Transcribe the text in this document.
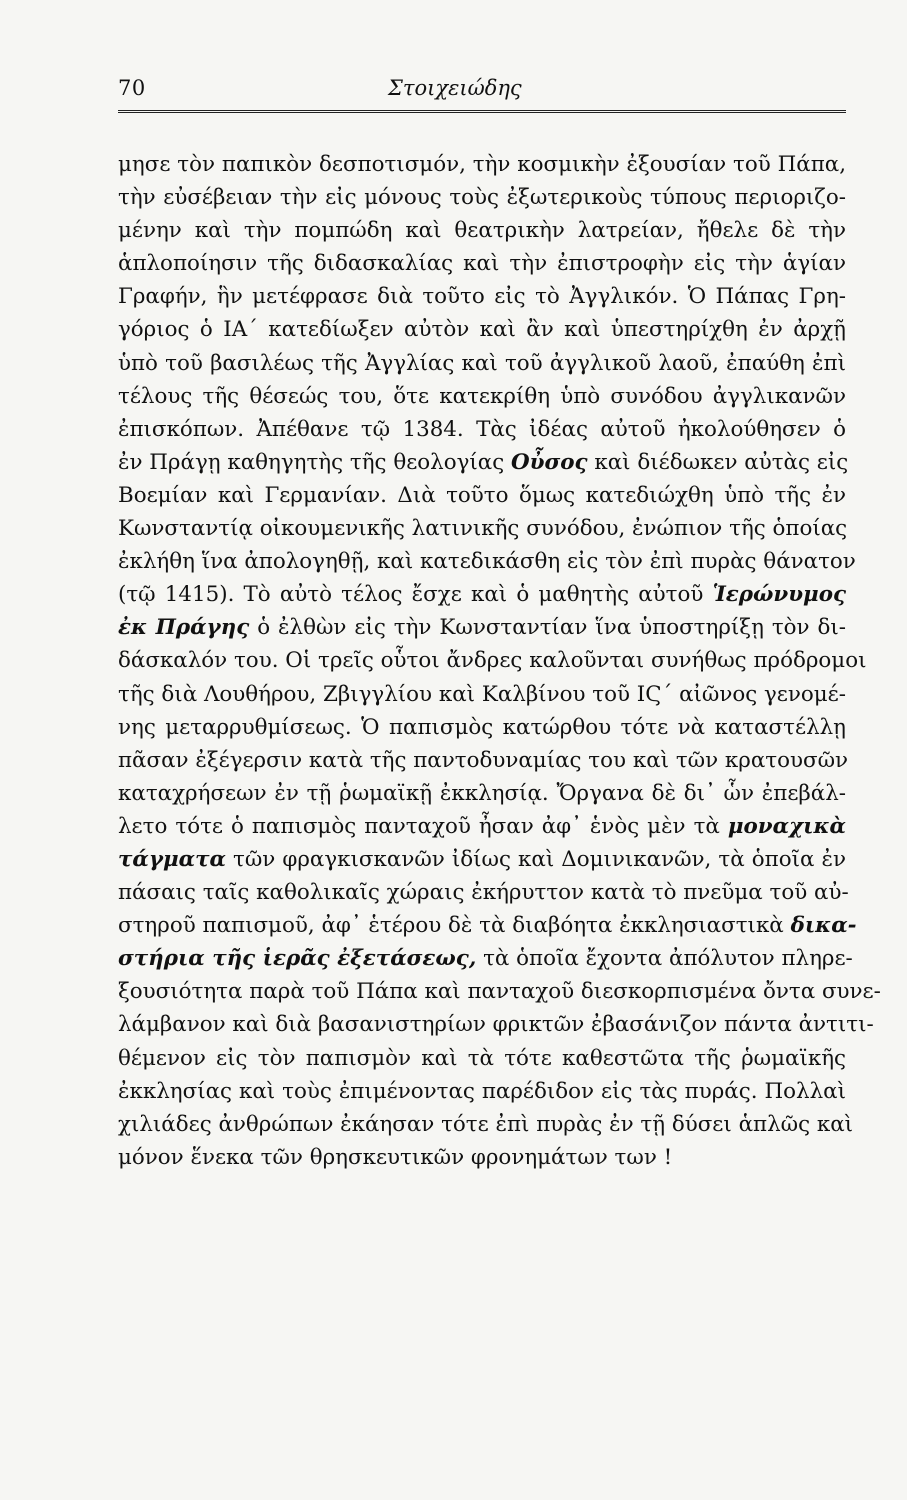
70	Στοιχειώδης
μησε τὸν παπικὸν δεσποτισμόν, τὴν κοσμικὴν ἐξουσίαν τοῦ Πάπα,
τὴν εὐσέβειαν τὴν εἰς μόνους τοὺς ἐξωτερικοὺς τύπους περιοριζο-
μένην καὶ τὴν πομπώδη καὶ θεατρικὴν λατρείαν, ἤθελε δὲ τὴν
ἁπλοποίησιν τῆς διδασκαλίας καὶ τὴν ἐπιστροφὴν εἰς τὴν ἁγίαν
Γραφήν, ἣν μετέφρασε διὰ τοῦτο εἰς τὸ Ἀγγλικόν. Ὁ Πάπας Γρη-
γόριος ὁ ΙΑ´ κατεδίωξεν αὐτὸν καὶ ἂν καὶ ὑπεστηρίχθη ἐν ἀρχῇ
ὑπὸ τοῦ βασιλέως τῆς Ἀγγλίας καὶ τοῦ ἀγγλικοῦ λαοῦ, ἐπαύθη ἐπὶ
τέλους τῆς θέσεώς του, ὅτε κατεκρίθη ὑπὸ συνόδου ἀγγλικανῶν
ἐπισκόπων. Ἀπέθανε τῷ 1384. Τὰς ἰδέας αὐτοῦ ἠκολούθησεν ὁ
ἐν Πράγῃ καθηγητὴς τῆς θεολογίας Οὖσος καὶ διέδωκεν αὐτὰς εἰς
Βοεμίαν καὶ Γερμανίαν. Διὰ τοῦτο ὅμως κατεδιώχθη ὑπὸ τῆς ἐν
Κωνσταντίᾳ οἰκουμενικῆς λατινικῆς συνόδου, ἐνώπιον τῆς ὁποίας
ἐκλήθη ἵνα ἀπολογηθῇ, καὶ κατεδικάσθη εἰς τὸν ἐπὶ πυρὰς θάνατον
(τῷ 1415). Τὸ αὐτὸ τέλος ἔσχε καὶ ὁ μαθητὴς αὐτοῦ Ἱερώνυμος
ἐκ Πράγης ὁ ἐλθὼν εἰς τὴν Κωνσταντίαν ἵνα ὑποστηρίξῃ τὸν δι-
δάσκαλόν του. Οἱ τρεῖς οὗτοι ἄνδρες καλοῦνται συνήθως πρόδρομοι
τῆς διὰ Λουθήρου, Ζβιγγλίου καὶ Καλβίνου τοῦ ΙϚ´ αἰῶνος γενομέ-
νης μεταρρυθμίσεως. Ὁ παπισμὸς κατώρθου τότε νὰ καταστέλλῃ
πᾶσαν ἐξέγερσιν κατὰ τῆς παντοδυναμίας του καὶ τῶν κρατουσῶν
καταχρήσεων ἐν τῇ ῥωμαϊκῇ ἐκκλησίᾳ. Ὄργανα δὲ δι᾽ ὧν ἐπεβάλ-
λετο τότε ὁ παπισμὸς πανταχοῦ ἦσαν ἀφ᾽ ἑνὸς μὲν τὰ μοναχικὰ
τάγματα τῶν φραγκισκανῶν ἰδίως καὶ Δομινικανῶν, τὰ ὁποῖα ἐν
πάσαις ταῖς καθολικαῖς χώραις ἐκήρυττον κατὰ τὸ πνεῦμα τοῦ αὐ-
στηροῦ παπισμοῦ, ἀφ᾽ ἑτέρου δὲ τὰ διαβόητα ἐκκλησιαστικὰ δικα-
στήρια τῆς ἱερᾶς ἐξετάσεως, τὰ ὁποῖα ἔχοντα ἀπόλυτον πληρε-
ξουσιότητα παρὰ τοῦ Πάπα καὶ πανταχοῦ διεσκορπισμένα ὄντα συνε-
λάμβανον καὶ διὰ βασανιστηρίων φρικτῶν ἐβασάνιζον πάντα ἀντιτι-
θέμενον εἰς τὸν παπισμὸν καὶ τὰ τότε καθεστῶτα τῆς ῥωμαϊκῆς
ἐκκλησίας καὶ τοὺς ἐπιμένοντας παρέδιδον εἰς τὰς πυράς. Πολλαὶ
χιλιάδες ἀνθρώπων ἐκάησαν τότε ἐπὶ πυρὰς ἐν τῇ δύσει ἁπλῶς καὶ
μόνον ἕνεκα τῶν θρησκευτικῶν φρονημάτων των !
